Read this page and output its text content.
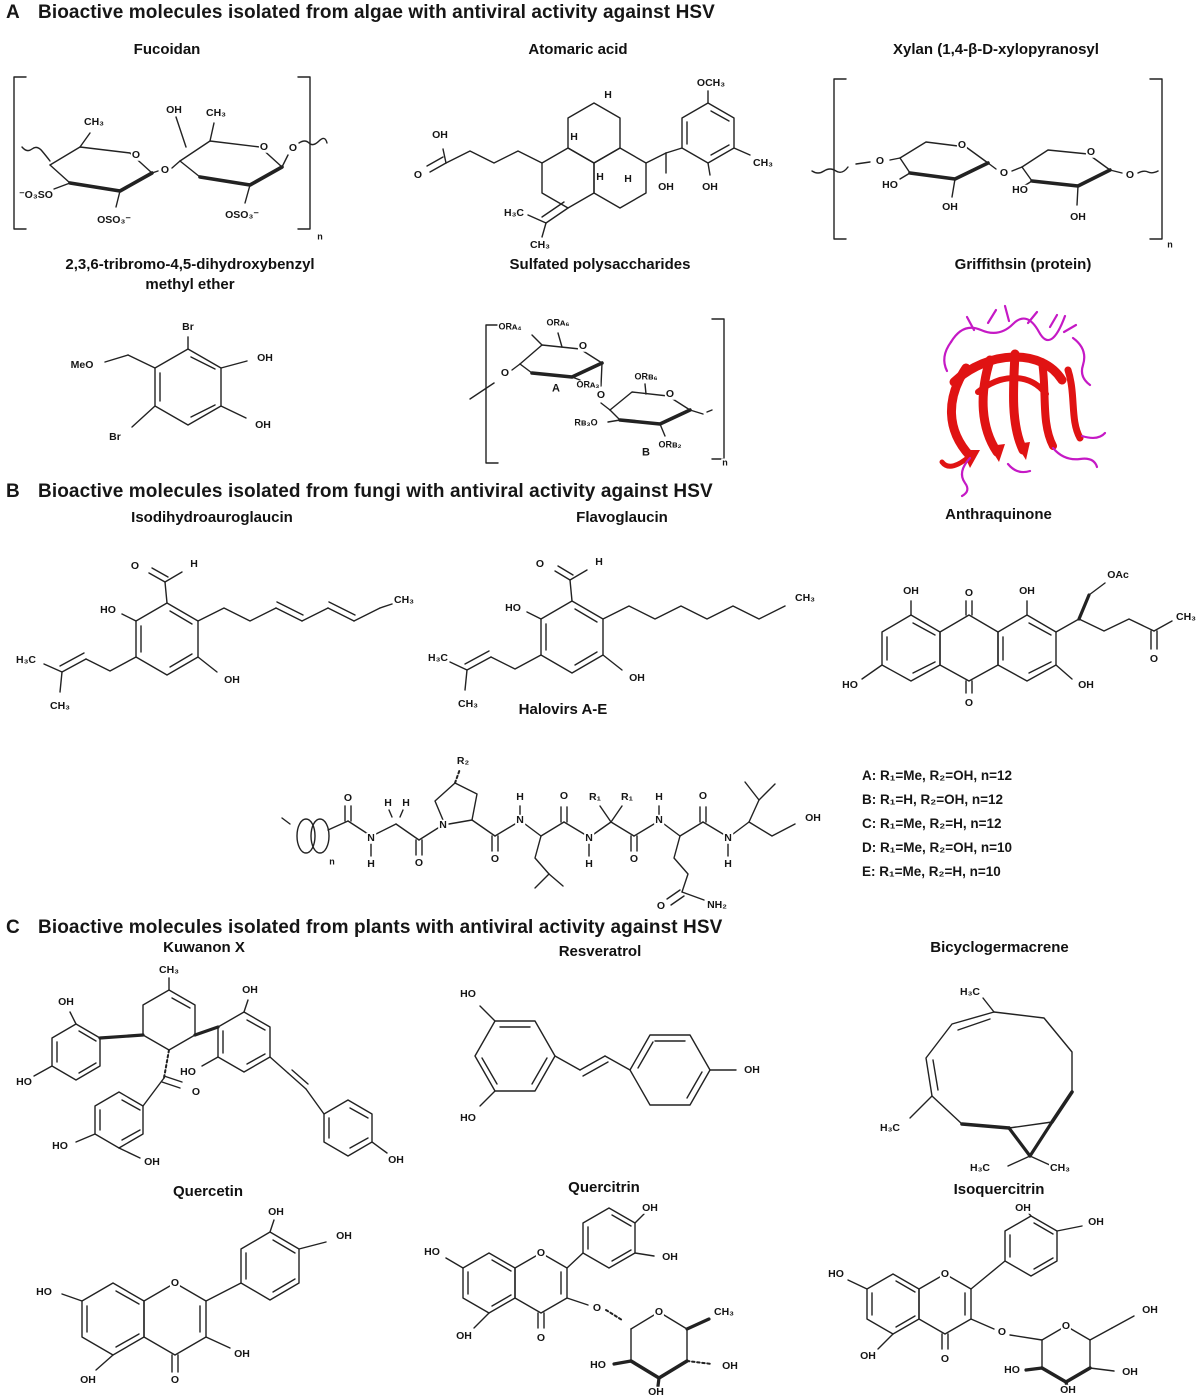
A Bioactive molecules isolated from algae with antiviral activity against HSV
B Bioactive molecules isolated from fungi with antiviral activity against HSV
C Bioactive molecules isolated from plants with antiviral activity against HSV
Fucoidan
CH₃
O
⁻O₃SO
OSO₃⁻
O
OH CH₃
O O
OSO₃⁻
n
Atomaric acid
OH
O
H₃C
CH₃
H
H H
H
OCH₃
CH₃
OH	OH
Xylan (1,4-β-D-xylopyranosyl
O
O
HO
OH
O
O
HO
OH
O
n
2,3,6-tribromo-4,5-dihydroxybenzyl
methyl ether
Br
OH
OH
Br
MeO
Sulfated polysaccharides
ORᴀ₄	ORᴀ₆
O
ORᴀ₃
A
O
O
ORʙ₆
O
Rʙ₃O
ORʙ₂
B
n
Griffithsin (protein)
Isodihydroauroglaucin
O	H
HO
OH
H₃C
CH₃
CH₃
Flavoglaucin
O	H
HO
OH
H₃C
CH₃
CH₃
Anthraquinone
OH	O	OH
OAc
CH₃
O
HO	OH
O
Halovirs A-E
O
N
H
H H
O
N
R₂
O
N
H	O
N
H
R₁ R₁
O
N
H
O	NH₂
O
N
H
OH
n
A: R₁=Me, R₂=OH, n=12
B: R₁=H, R₂=OH, n=12
C: R₁=Me, R₂=H, n=12
D: R₁=Me, R₂=OH, n=10
E: R₁=Me, R₂=H, n=10
Kuwanon X
CH₃
OH
HO
OH
HO
O
HO
OH	OH
Resveratrol
HO
HO
OH
Bicyclogermacrene
H₃C
H₃C
H₃C	CH₃
Quercetin
HO
O
OH
OH
OH
OH	O
Quercitrin
HO	O
OH	O
OH
OH
O	O	CH₃
OH
OH
HO
Isoquercitrin
HO	O
OH	O
OH
OH
O	O
OH
OH
OH
HO
